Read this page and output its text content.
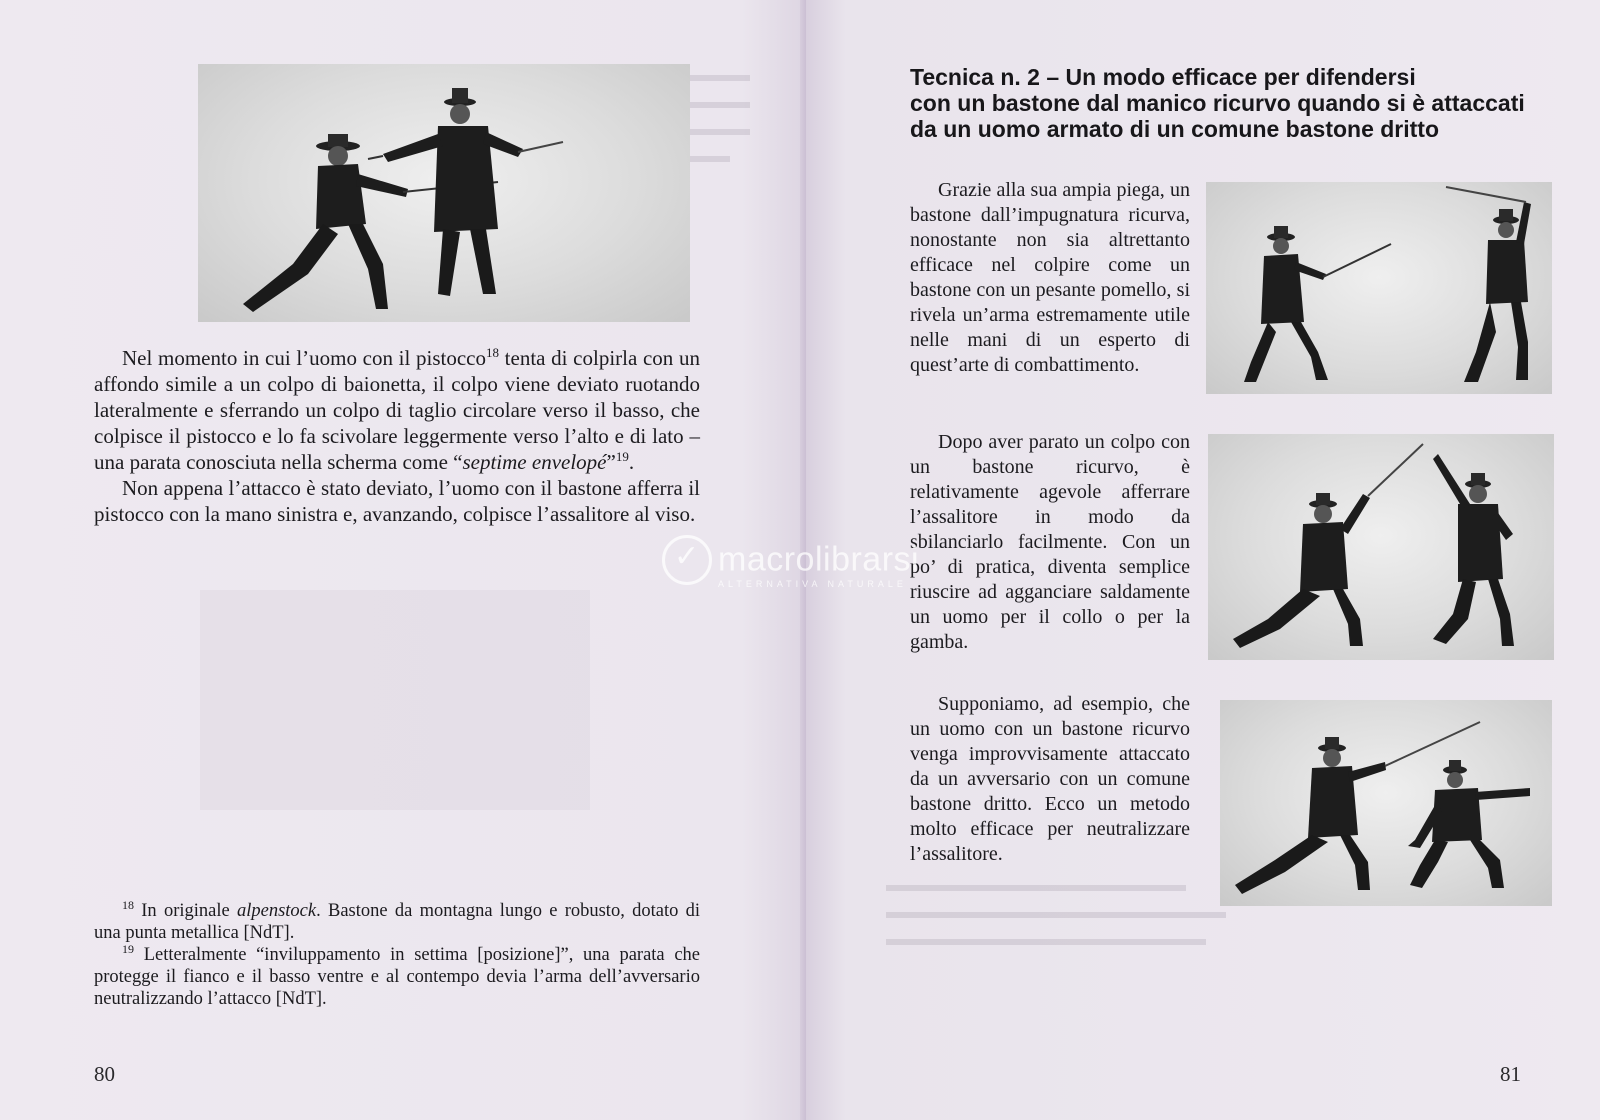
▬▬▬
▬▬▬
▬▬▬
▬▬

Nel momento in cui l’uomo con il pistocco$^{18}$ tenta di colpirla con un affondo simile a un colpo di baionetta, il colpo viene deviato ruotando lateralmente e sferrando un colpo di taglio circolare verso il basso, che colpisce il pistocco e lo fa scivolare leggermente verso l’alto e di lato – una parata conosciuta nella scherma come “septime envelopé”$^{19}$.

Non appena l’attacco è stato deviato, l’uomo con il bastone afferra il pistocco con la mano sinistra e, avanzando, colpisce l’assalitore al viso.

$^{18}$ In originale alpenstock. Bastone da montagna lungo e robusto, dotato di una punta metallica [NdT].

$^{19}$ Letteralmente “inviluppamento in settima [posizione]”, una parata che protegge il fianco e il basso ventre e al contempo devia l’arma dell’avversario neutralizzando l’attacco [NdT].

80
Tecnica n. 2 – Un modo efficace per difendersi
con un bastone dal manico ricurvo quando si è attaccati
da un uomo armato di un comune bastone dritto

Grazie alla sua ampia piega, un bastone dall’impugnatura ricurva, nonostante non sia altrettanto efficace nel colpire come un bastone con un pesante pomello, si rivela un’arma estremamente utile nelle mani di un esperto di quest’arte di combattimento.

Dopo aver parato un colpo con un bastone ricurvo, è relativamente agevole afferrare l’assalitore in modo da sbilanciarlo facilmente. Con un po’ di pratica, diventa semplice riuscire ad agganciare saldamente un uomo per il collo o per la gamba.

Supponiamo, ad esempio, che un uomo con un bastone ricurvo venga improvvisamente attaccato da un avversario con un comune bastone dritto. Ecco un metodo molto efficace per neutralizzare l’assalitore.

▬▬▬▬▬▬▬▬▬▬▬▬▬▬▬
▬▬▬▬▬▬▬▬▬▬▬▬▬▬▬▬▬
▬▬▬▬▬▬▬▬▬▬▬▬▬▬▬▬
81
✓macrolibrarsi
ALTERNATIVA NATURALE
